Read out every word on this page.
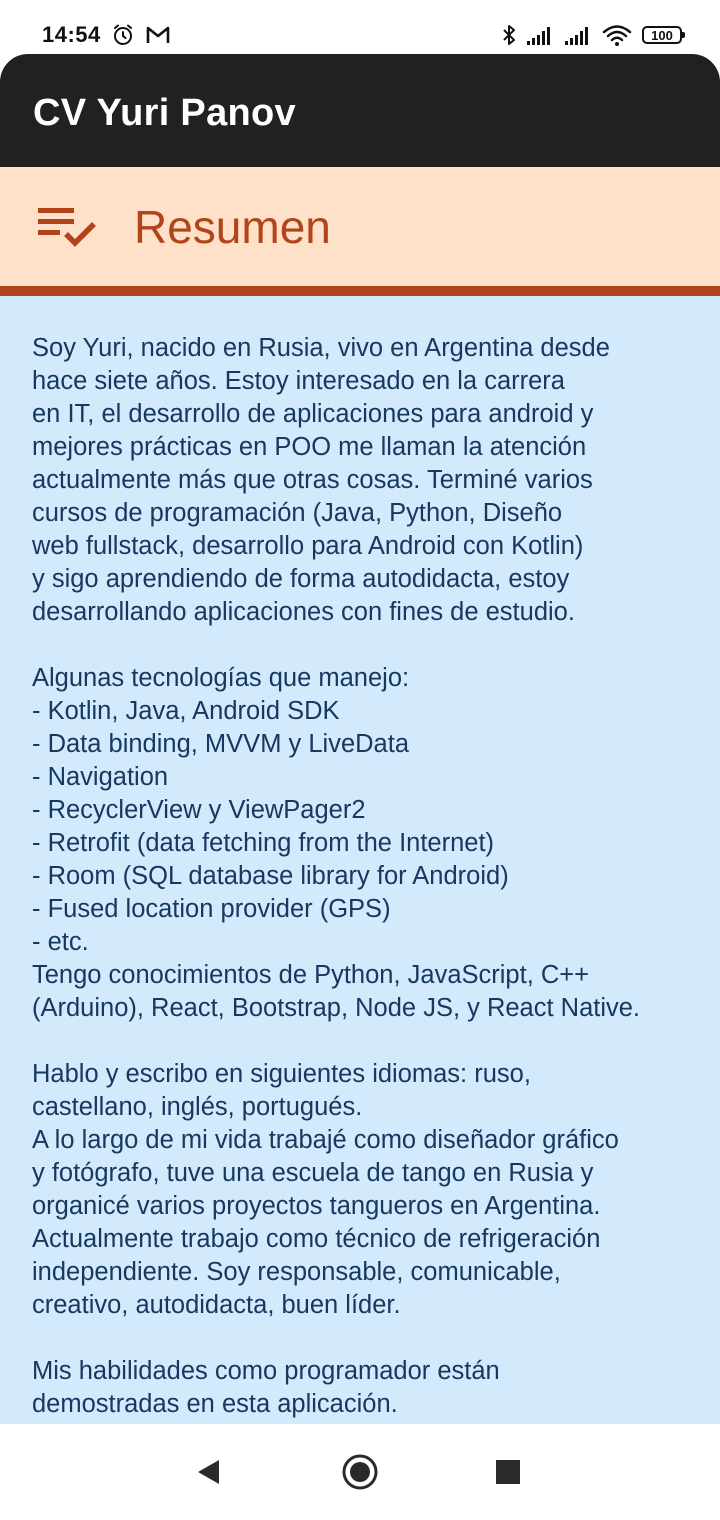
14:54	100
CV Yuri Panov
Resumen

Soy Yuri, nacido en Rusia, vivo en Argentina desde
hace siete años. Estoy interesado en la carrera
en IT, el desarrollo de aplicaciones para android y
mejores prácticas en POO me llaman la atención
actualmente más que otras cosas. Terminé varios
cursos de programación (Java, Python, Diseño
web fullstack, desarrollo para Android con Kotlin)
y sigo aprendiendo de forma autodidacta, estoy
desarrollando aplicaciones con fines de estudio.

Algunas tecnologías que manejo:
- Kotlin, Java, Android SDK
- Data binding, MVVM y LiveData
- Navigation
- RecyclerView y ViewPager2
- Retrofit (data fetching from the Internet)
- Room (SQL database library for Android)
- Fused location provider (GPS)
- etc.
Tengo conocimientos de Python, JavaScript, C++
(Arduino), React, Bootstrap, Node JS, y React Native.

Hablo y escribo en siguientes idiomas: ruso,
castellano, inglés, portugués.
A lo largo de mi vida trabajé como diseñador gráfico
y fotógrafo, tuve una escuela de tango en Rusia y
organicé varios proyectos tangueros en Argentina.
Actualmente trabajo como técnico de refrigeración
independiente. Soy responsable, comunicable,
creativo, autodidacta, buen líder.

Mis habilidades como programador están
demostradas en esta aplicación.
